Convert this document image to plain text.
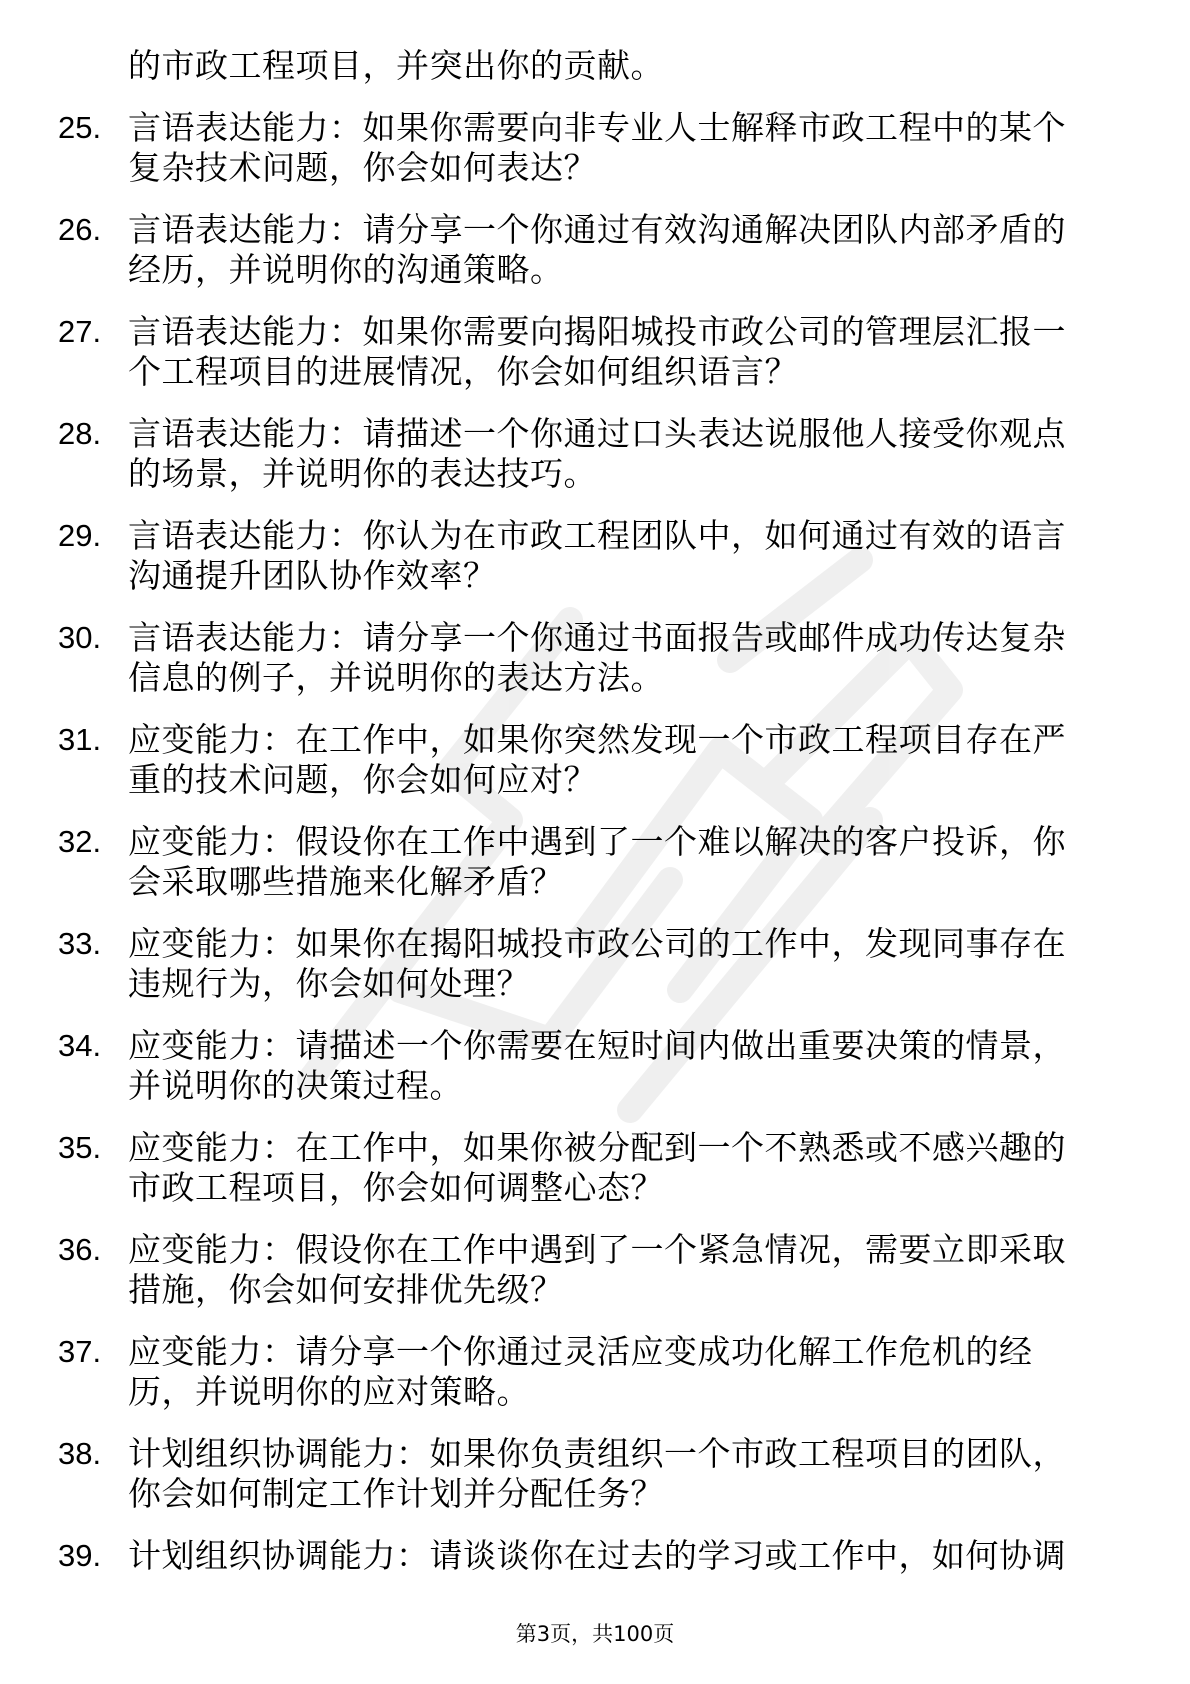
的市政工程项目，并突出你的贡献。
25. 言语表达能力：如果你需要向非专业人士解释市政工程中的某个
复杂技术问题，你会如何表达？
26. 言语表达能力：请分享一个你通过有效沟通解决团队内部矛盾的
经历，并说明你的沟通策略。
27. 言语表达能力：如果你需要向揭阳城投市政公司的管理层汇报一
个工程项目的进展情况，你会如何组织语言？
28. 言语表达能力：请描述一个你通过口头表达说服他人接受你观点
的场景，并说明你的表达技巧。
29. 言语表达能力：你认为在市政工程团队中，如何通过有效的语言
沟通提升团队协作效率？
30. 言语表达能力：请分享一个你通过书面报告或邮件成功传达复杂
信息的例子，并说明你的表达方法。
31. 应变能力：在工作中，如果你突然发现一个市政工程项目存在严
重的技术问题，你会如何应对？
32. 应变能力：假设你在工作中遇到了一个难以解决的客户投诉，你
会采取哪些措施来化解矛盾？
33. 应变能力：如果你在揭阳城投市政公司的工作中，发现同事存在
违规行为，你会如何处理？
34. 应变能力：请描述一个你需要在短时间内做出重要决策的情景，
并说明你的决策过程。
35. 应变能力：在工作中，如果你被分配到一个不熟悉或不感兴趣的
市政工程项目，你会如何调整心态？
36. 应变能力：假设你在工作中遇到了一个紧急情况，需要立即采取
措施，你会如何安排优先级？
37. 应变能力：请分享一个你通过灵活应变成功化解工作危机的经
历，并说明你的应对策略。
38. 计划组织协调能力：如果你负责组织一个市政工程项目的团队，
你会如何制定工作计划并分配任务？
39. 计划组织协调能力：请谈谈你在过去的学习或工作中，如何协调
第3页，共100页
